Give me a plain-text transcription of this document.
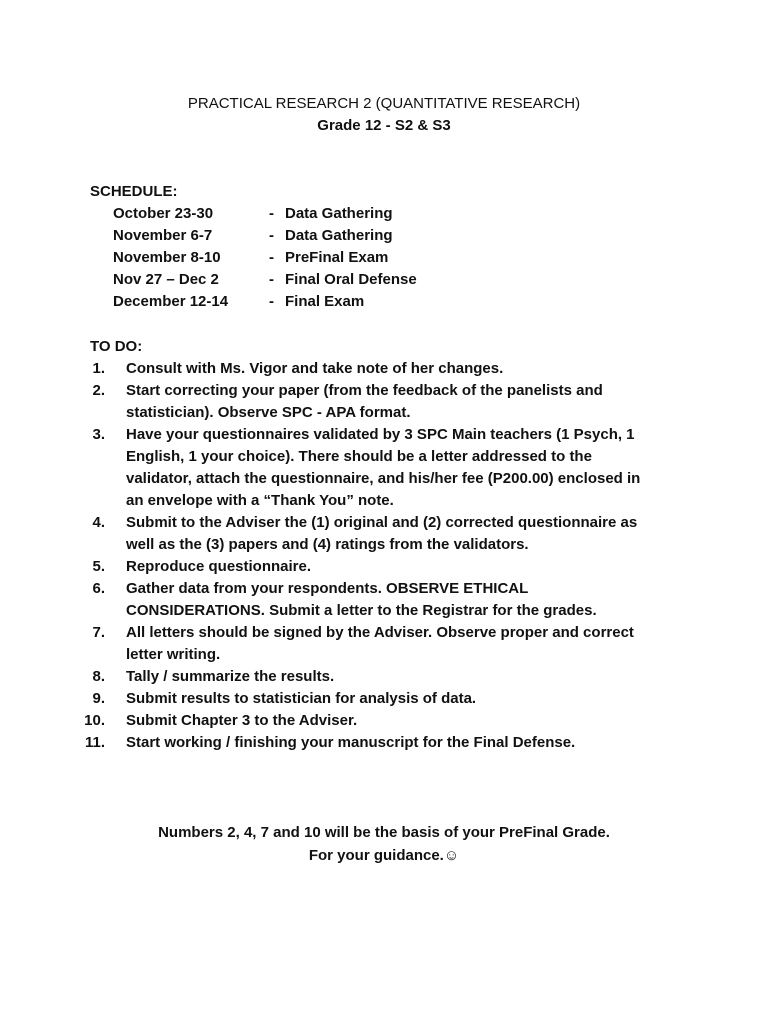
PRACTICAL RESEARCH 2 (QUANTITATIVE RESEARCH)
Grade 12 - S2 & S3
SCHEDULE:
October 23-30	- Data Gathering
November 6-7	- Data Gathering
November 8-10	- PreFinal Exam
Nov 27 – Dec 2	- Final Oral Defense
December 12-14	- Final Exam
TO DO:
1.	Consult with Ms. Vigor and take note of her changes.
2.	Start correcting your paper (from the feedback of the panelists and statistician). Observe SPC - APA format.
3.	Have your questionnaires validated by 3 SPC Main teachers (1 Psych, 1 English, 1 your choice). There should be a letter addressed to the validator, attach the questionnaire, and his/her fee (P200.00) enclosed in an envelope with a “Thank You” note.
4.	Submit to the Adviser the (1) original and (2) corrected questionnaire as well as the (3) papers and (4) ratings from the validators.
5.	Reproduce questionnaire.
6.	Gather data from your respondents. OBSERVE ETHICAL CONSIDERATIONS. Submit a letter to the Registrar for the grades.
7.	All letters should be signed by the Adviser. Observe proper and correct letter writing.
8.	Tally / summarize the results.
9.	Submit results to statistician for analysis of data.
10.	Submit Chapter 3 to the Adviser.
11.	Start working / finishing your manuscript for the Final Defense.
Numbers 2, 4, 7 and 10 will be the basis of your PreFinal Grade.
For your guidance.☺
